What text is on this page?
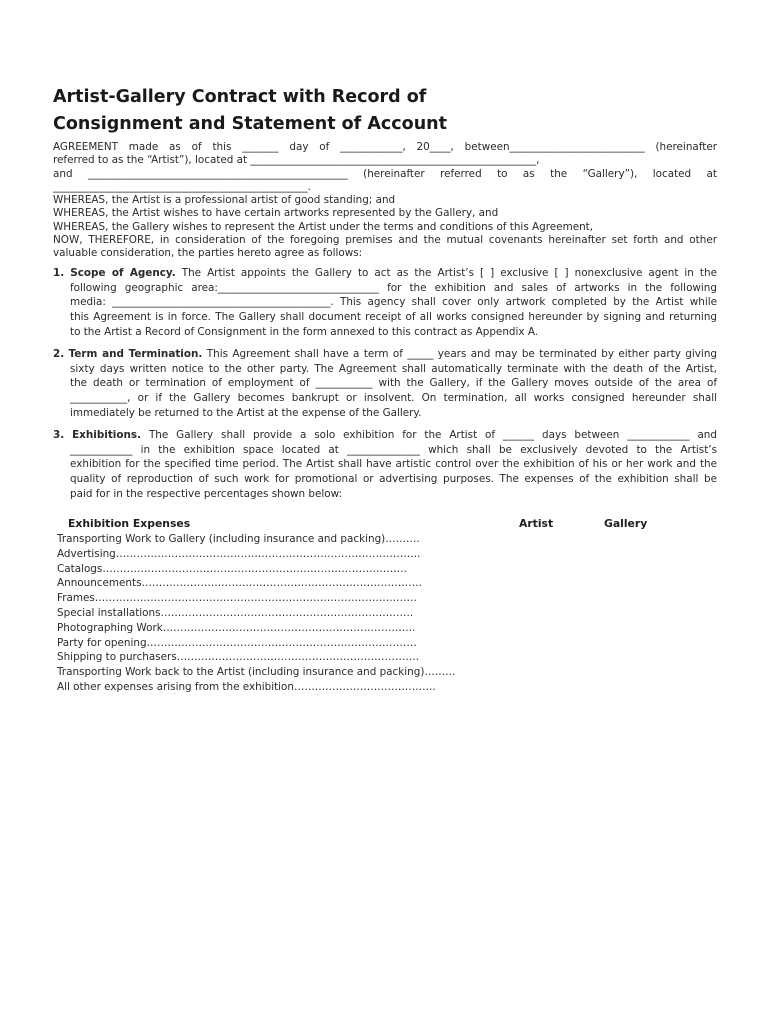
Artist-Gallery Contract with Record of
Consignment and Statement of Account
AGREEMENT made as of this _______ day of ____________, 20____, between__________________________ (hereinafter
referred to as the “Artist”), located at _______________________________________________________,
and __________________________________________________ (hereinafter referred to as the “Gallery”), located at
_________________________________________________.
WHEREAS, the Artist is a professional artist of good standing; and
WHEREAS, the Artist wishes to have certain artworks represented by the Gallery, and
WHEREAS, the Gallery wishes to represent the Artist under the terms and conditions of this Agreement,
NOW, THEREFORE, in consideration of the foregoing premises and the mutual covenants hereinafter set forth and other
valuable consideration, the parties hereto agree as follows:
1. Scope of Agency. The Artist appoints the Gallery to act as the Artist’s [ ] exclusive [ ] nonexclusive agent in the
following geographic area:_______________________________ for the exhibition and sales of artworks in the following
media: __________________________________________. This agency shall cover only artwork completed by the Artist while
this Agreement is in force. The Gallery shall document receipt of all works consigned hereunder by signing and returning
to the Artist a Record of Consignment in the form annexed to this contract as Appendix A.
2. Term and Termination. This Agreement shall have a term of _____ years and may be terminated by either party giving
sixty days written notice to the other party. The Agreement shall automatically terminate with the death of the Artist,
the death or termination of employment of ___________ with the Gallery, if the Gallery moves outside of the area of
___________, or if the Gallery becomes bankrupt or insolvent. On termination, all works consigned hereunder shall
immediately be returned to the Artist at the expense of the Gallery.
3. Exhibitions. The Gallery shall provide a solo exhibition for the Artist of ______ days between ____________ and
____________ in the exhibition space located at ______________ which shall be exclusively devoted to the Artist’s
exhibition for the specified time period. The Artist shall have artistic control over the exhibition of his or her work and the
quality of reproduction of such work for promotional or advertising purposes. The expenses of the exhibition shall be
paid for in the respective percentages shown below:
Exhibition Expenses	Artist	Gallery
Transporting Work to Gallery (including insurance and packing)……….
Advertising…………………………………………………………………………….
Catalogs…………………………………………………………………………….
Announcements………………………………………………………………………
Frames…………………………………………………………………………………
Special installations……………………………………………………………….
Photographing Work……………………………………………………………….
Party for opening……………………………………………………………………
Shipping to purchasers…………………………………………………………….
Transporting Work back to the Artist (including insurance and packing)………
All other expenses arising from the exhibition…………………………………..
